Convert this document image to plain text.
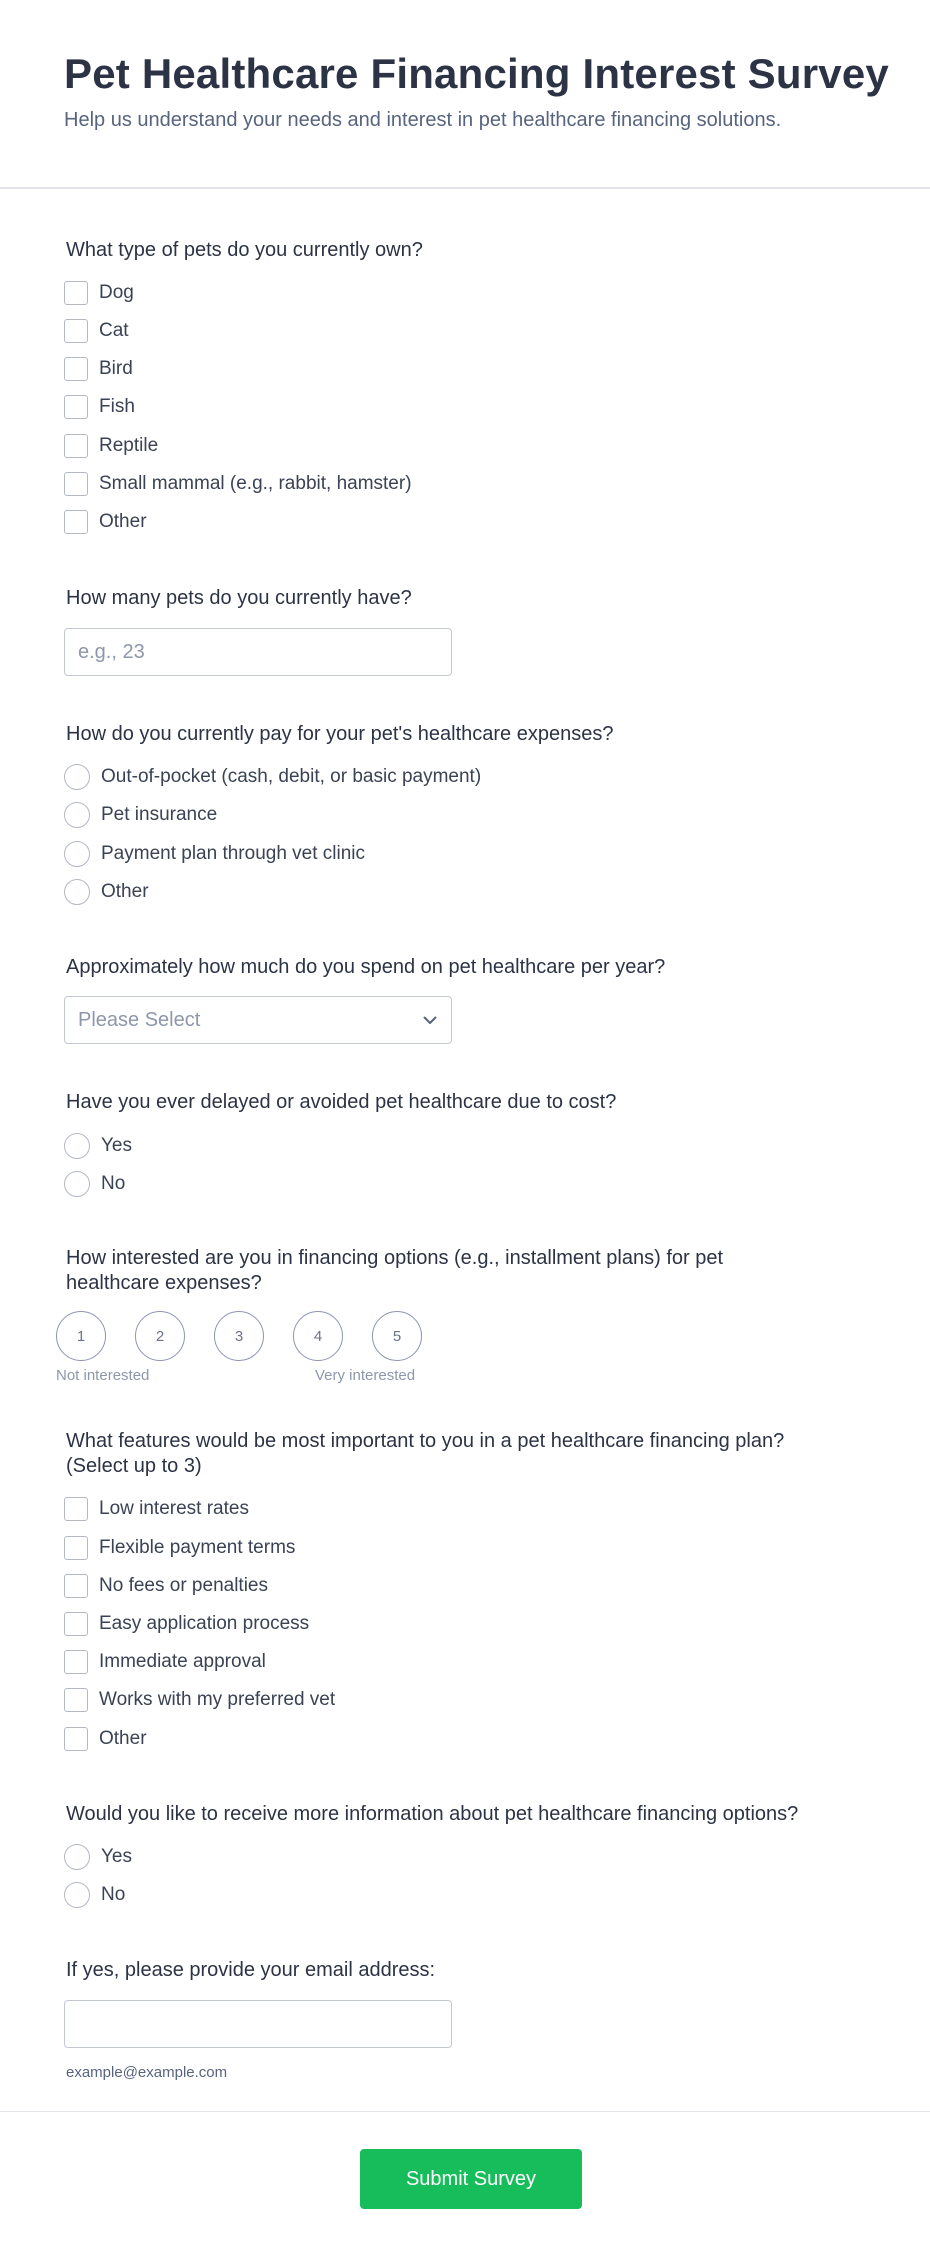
Pet Healthcare Financing Interest Survey

Help us understand your needs and interest in pet healthcare financing solutions.

What type of pets do you currently own?
Dog
Cat
Bird
Fish
Reptile
Small mammal (e.g., rabbit, hamster)
Other
How many pets do you currently have?
e.g., 23
How do you currently pay for your pet's healthcare expenses?
Out-of-pocket (cash, debit, or basic payment)
Pet insurance
Payment plan through vet clinic
Other
Approximately how much do you spend on pet healthcare per year?
Please Select
Have you ever delayed or avoided pet healthcare due to cost?
Yes
No
How interested are you in financing options (e.g., installment plans) for pet
healthcare expenses?
1	2	3	4	5
Not interested	Very interested
What features would be most important to you in a pet healthcare financing plan?
(Select up to 3)
Low interest rates
Flexible payment terms
No fees or penalties
Easy application process
Immediate approval
Works with my preferred vet
Other
Would you like to receive more information about pet healthcare financing options?
Yes
No
If yes, please provide your email address:
example@example.com
Submit Survey
